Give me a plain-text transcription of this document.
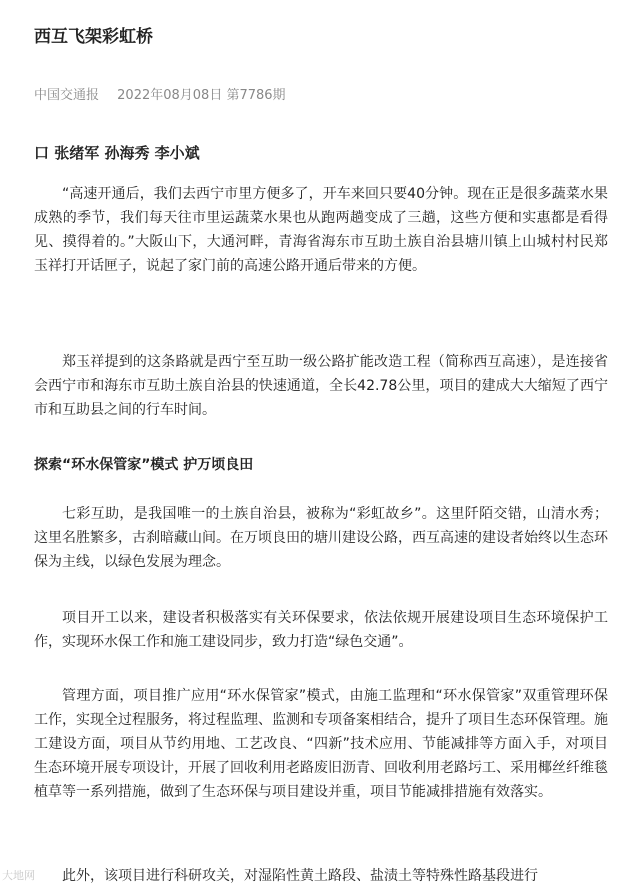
西互飞架彩虹桥
中国交通报 2022年08月08日 第7786期
口 张绪军 孙海秀 李小斌

“高速开通后，我们去西宁市里方便多了，开车来回只要40分钟。现在正是很多蔬菜水果成熟的季节，我们每天往市里运蔬菜水果也从跑两趟变成了三趟，这些方便和实惠都是看得见、摸得着的。”大阪山下，大通河畔，青海省海东市互助土族自治县塘川镇上山城村村民郑玉祥打开话匣子，说起了家门前的高速公路开通后带来的方便。

郑玉祥提到的这条路就是西宁至互助一级公路扩能改造工程（简称西互高速），是连接省会西宁市和海东市互助土族自治县的快速通道，全长42.78公里，项目的建成大大缩短了西宁市和互助县之间的行车时间。

探索“环水保管家”模式 护万顷良田

七彩互助，是我国唯一的土族自治县，被称为“彩虹故乡”。这里阡陌交错，山清水秀；这里名胜繁多，古刹暗藏山间。在万顷良田的塘川建设公路，西互高速的建设者始终以生态环保为主线，以绿色发展为理念。

项目开工以来，建设者积极落实有关环保要求，依法依规开展建设项目生态环境保护工作，实现环水保工作和施工建设同步，致力打造“绿色交通”。

管理方面，项目推广应用“环水保管家”模式，由施工监理和“环水保管家”双重管理环保工作，实现全过程服务，将过程监理、监测和专项备案相结合，提升了项目生态环保管理。施工建设方面，项目从节约用地、工艺改良、“四新”技术应用、节能减排等方面入手，对项目生态环境开展专项设计，开展了回收利用老路废旧沥青、回收利用老路圬工、采用椰丝纤维毯植草等一系列措施，做到了生态环保与项目建设并重，项目节能减排措施有效落实。

此外，该项目进行科研攻关，对湿陷性黄土路段、盐渍土等特殊性路基段进行

大地网
